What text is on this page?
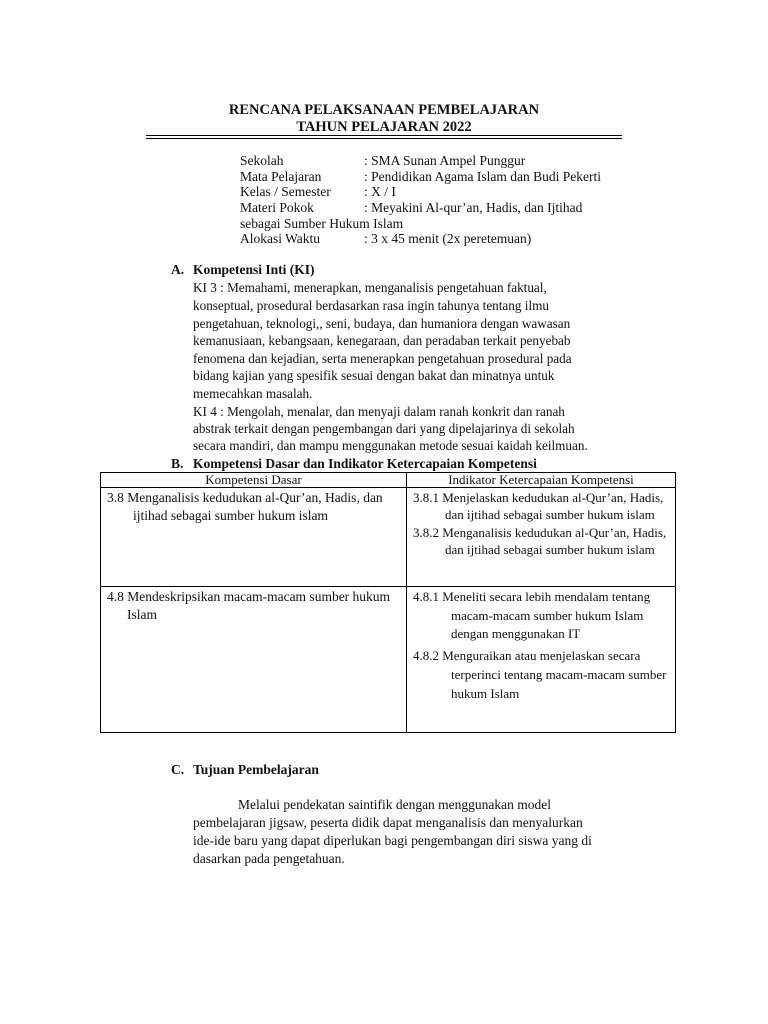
RENCANA PELAKSANAAN PEMBELAJARAN
TAHUN PELAJARAN 2022
Sekolah	: SMA Sunan Ampel Punggur
Mata Pelajaran	: Pendidikan Agama Islam dan Budi Pekerti
Kelas / Semester : X / I
Materi Pokok	: Meyakini Al-qur’an, Hadis, dan Ijtihad
sebagai Sumber Hukum Islam
Alokasi Waktu	: 3 x 45 menit (2x peretemuan)
A. Kompetensi Inti (KI)
KI 3 : Memahami, menerapkan, menganalisis pengetahuan faktual,
konseptual, prosedural berdasarkan rasa ingin tahunya tentang ilmu
pengetahuan, teknologi,, seni, budaya, dan humaniora dengan wawasan
kemanusiaan, kebangsaan, kenegaraan, dan peradaban terkait penyebab
fenomena dan kejadian, serta menerapkan pengetahuan prosedural pada
bidang kajian yang spesifik sesuai dengan bakat dan minatnya untuk
memecahkan masalah.
KI 4 : Mengolah, menalar, dan menyaji dalam ranah konkrit dan ranah
abstrak terkait dengan pengembangan dari yang dipelajarinya di sekolah
secara mandiri, dan mampu menggunakan metode sesuai kaidah keilmuan.
B. Kompetensi Dasar dan Indikator Ketercapaian Kompetensi
Kompetensi Dasar	Indikator Ketercapaian Kompetensi

3.8 Menganalisis kedudukan al-Qur’an, Hadis, dan ijtihad sebagai sumber hukum islam	3.8.1 Menjelaskan kedudukan al-Qur’an, Hadis, dan ijtihad sebagai sumber hukum islam
3.8.2 Menganalisis kedudukan al-Qur’an, Hadis, dan ijtihad sebagai sumber hukum islam

4.8 Mendeskripsikan macam-macam sumber hukum Islam	4.8.1 Meneliti secara lebih mendalam tentang macam-macam sumber hukum Islam dengan menggunakan IT
4.8.2 Menguraikan atau menjelaskan secara terperinci tentang macam-macam sumber hukum Islam
C. Tujuan Pembelajaran
Melalui pendekatan saintifik dengan menggunakan model
pembelajaran jigsaw, peserta didik dapat menganalisis dan menyalurkan
ide-ide baru yang dapat diperlukan bagi pengembangan diri siswa yang di
dasarkan pada pengetahuan.
